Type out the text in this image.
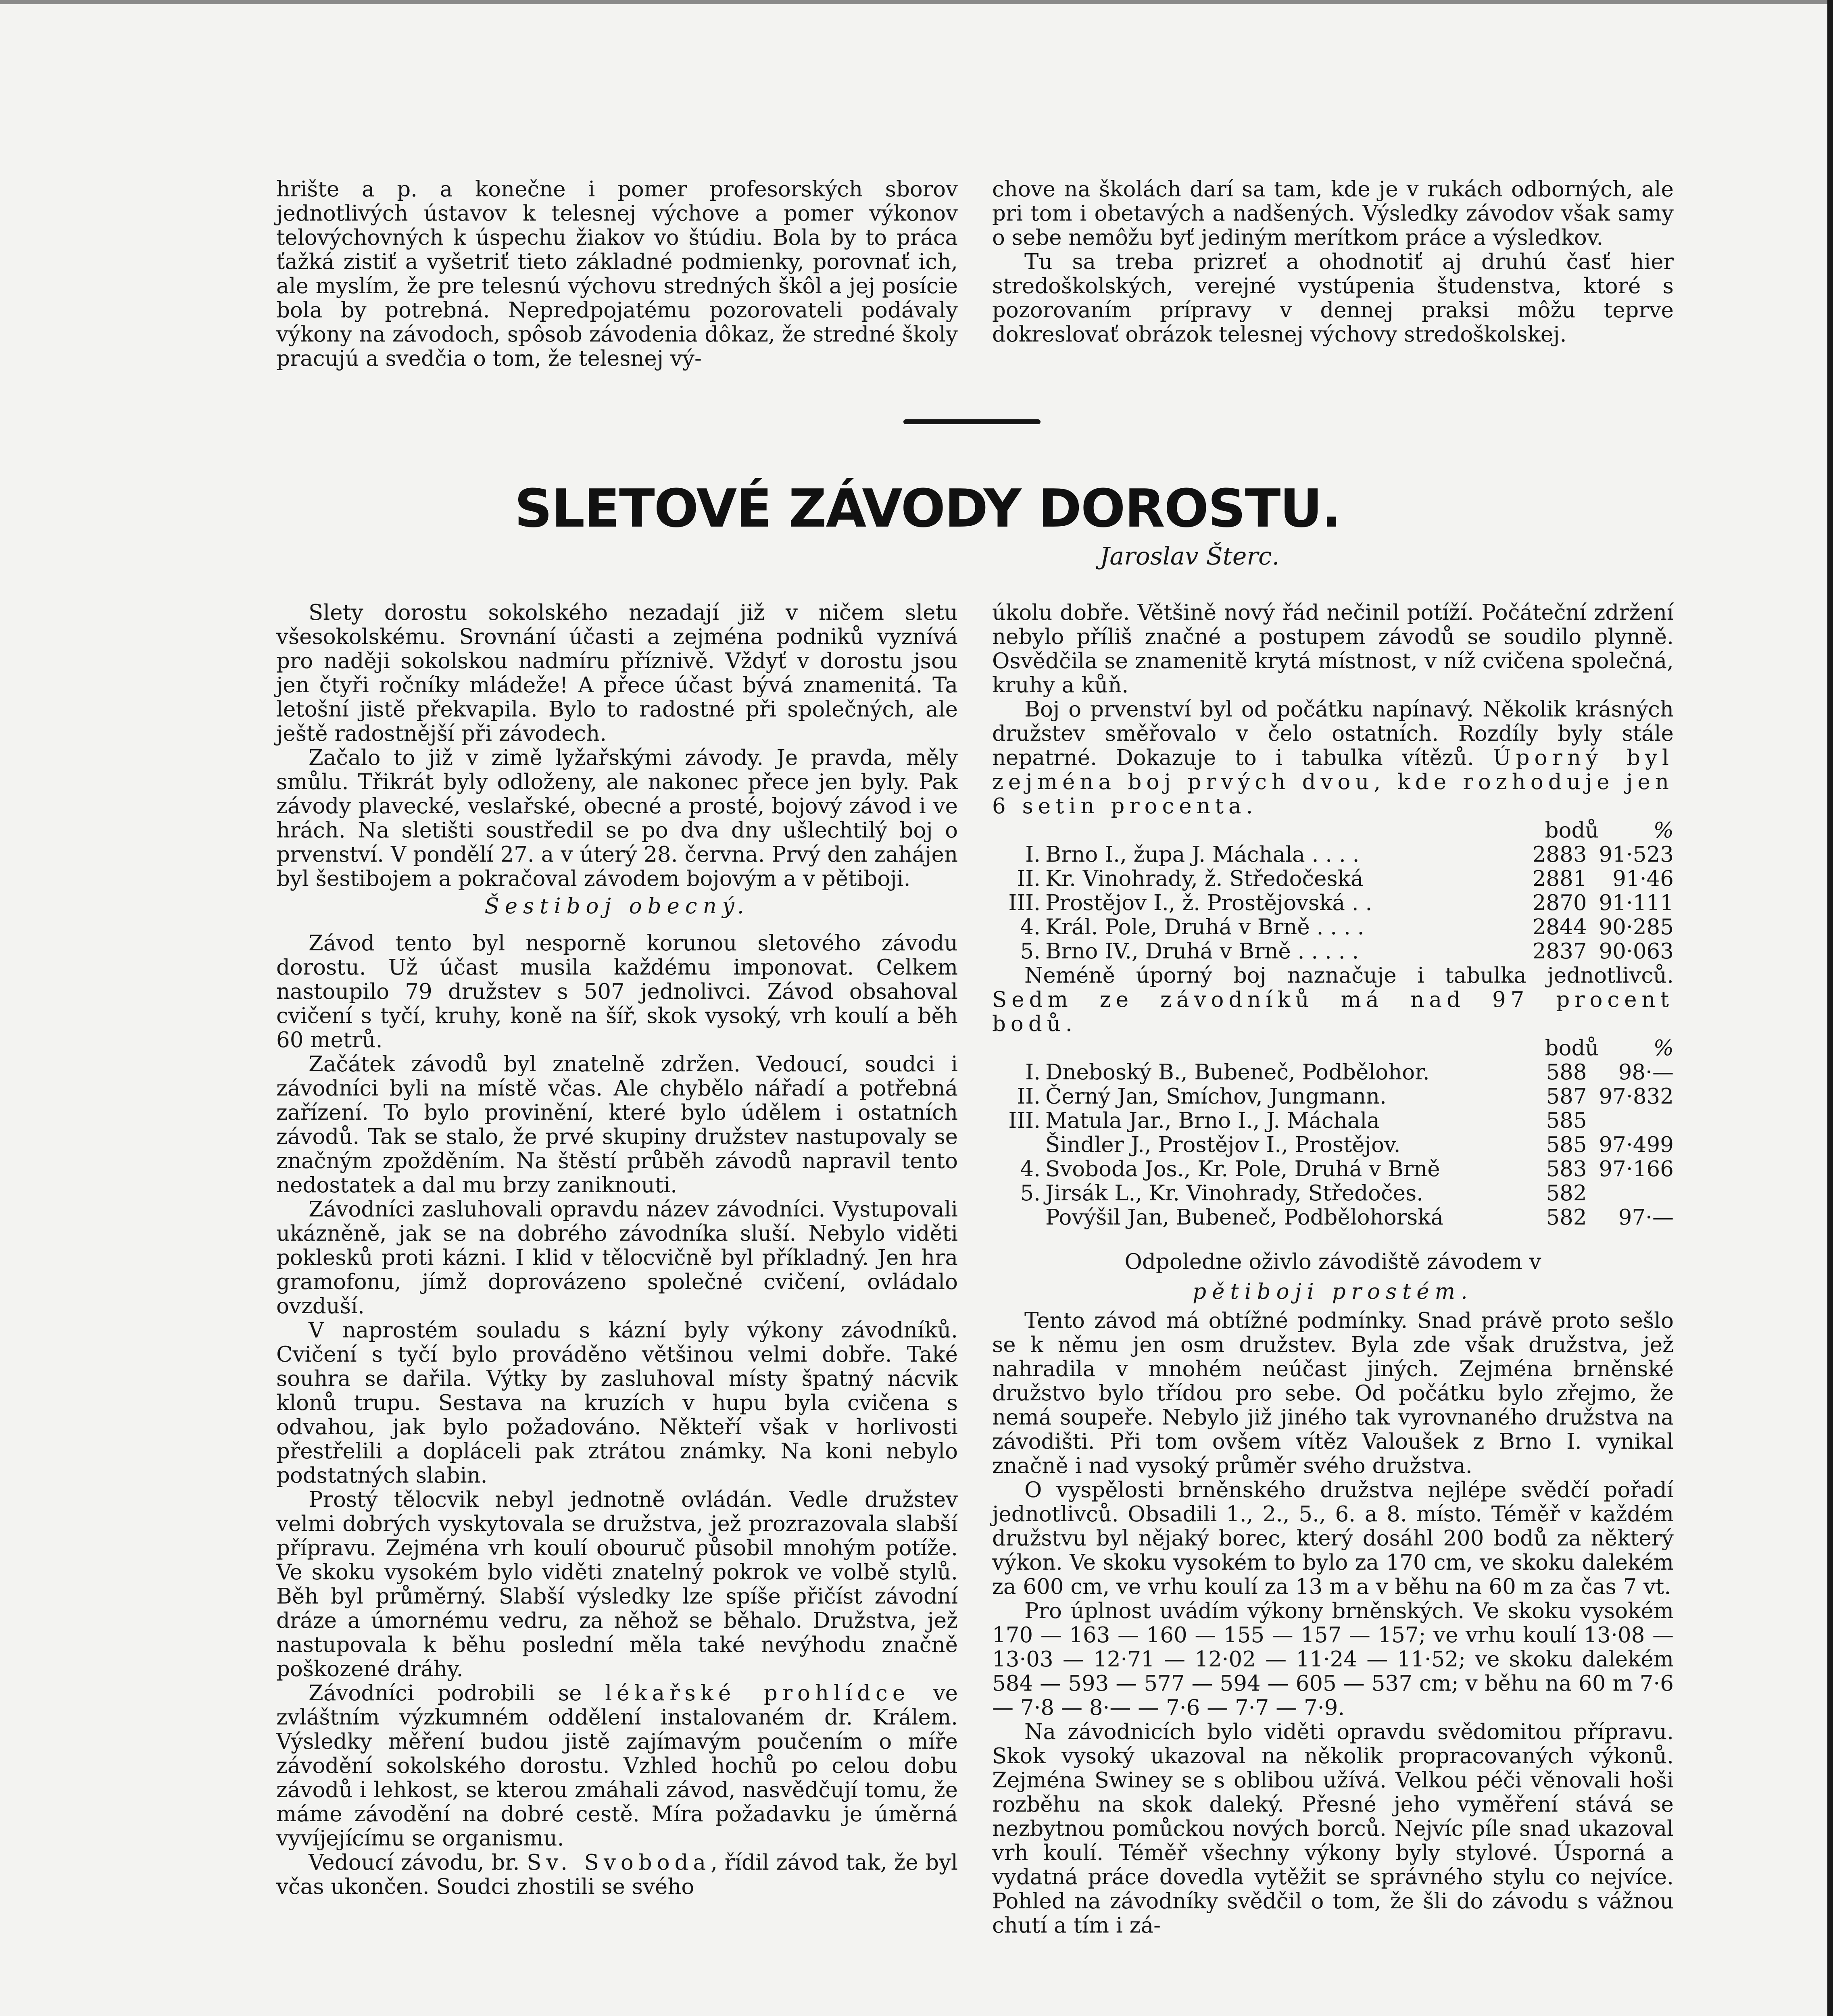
hrište a p. a konečne i pomer profesorských sborov jednotlivých ústavov k telesnej výchove a pomer výkonov telovýchovných k úspechu žiakov vo štúdiu. Bola by to práca ťažká zistiť a vyšetriť tieto základné podmienky, porovnať ich, ale myslím, že pre telesnú výchovu stredných škôl a jej posície bola by potrebná. Nepredpojatému pozorovateli podávaly výkony na závodoch, spôsob závodenia dôkaz, že stredné školy pracujú a svedčia o tom, že telesnej vý-

chove na školách darí sa tam, kde je v rukách odborných, ale pri tom i obetavých a nadšených. Výsledky závodov však samy o sebe nemôžu byť jediným merítkom práce a výsledkov.

Tu sa treba prizreť a ohodnotiť aj druhú časť hier stredoškolských, verejné vystúpenia študenstva, ktoré s pozorovaním prípravy v dennej praksi môžu teprve dokreslovať obrázok telesnej výchovy stredoškolskej.

SLETOVÉ ZÁVODY DOROSTU.
Jaroslav Šterc.

Slety dorostu sokolského nezadají již v ničem sletu všesokolskému. Srovnání účasti a zejména podniků vyznívá pro naději sokolskou nadmíru příznivě. Vždyť v dorostu jsou jen čtyři ročníky mládeže! A přece účast bývá znamenitá. Ta letošní jistě překvapila. Bylo to radostné při společných, ale ještě radostnější při závodech.

Začalo to již v zimě lyžařskými závody. Je pravda, měly smůlu. Třikrát byly odloženy, ale nakonec přece jen byly. Pak závody plavecké, veslařské, obecné a prosté, bojový závod i ve hrách. Na sletišti soustředil se po dva dny ušlechtilý boj o prvenství. V pondělí 27. a v úterý 28. června. Prvý den zahájen byl šestibojem a pokračoval závodem bojovým a v pětiboji.

Šestiboj obecný.

Závod tento byl nesporně korunou sletového závodu dorostu. Už účast musila každému imponovat. Celkem nastoupilo 79 družstev s 507 jednolivci. Závod obsahoval cvičení s tyčí, kruhy, koně na šíř, skok vysoký, vrh koulí a běh 60 metrů.

Začátek závodů byl znatelně zdržen. Vedoucí, soudci i závodníci byli na místě včas. Ale chybělo nářadí a potřebná zařízení. To bylo provinění, které bylo údělem i ostatních závodů. Tak se stalo, že prvé skupiny družstev nastupovaly se značným zpožděním. Na štěstí průběh závodů napravil tento nedostatek a dal mu brzy zaniknouti.

Závodníci zasluhovali opravdu název závodníci. Vystupovali ukázněně, jak se na dobrého závodníka sluší. Nebylo viděti poklesků proti kázni. I klid v tělocvičně byl příkladný. Jen hra gramofonu, jímž doprovázeno společné cvičení, ovládalo ovzduší.

V naprostém souladu s kázní byly výkony závodníků. Cvičení s tyčí bylo prováděno většinou velmi dobře. Také souhra se dařila. Výtky by zasluhoval místy špatný nácvik klonů trupu. Sestava na kruzích v hupu byla cvičena s odvahou, jak bylo požadováno. Někteří však v horlivosti přestřelili a dopláceli pak ztrátou známky. Na koni nebylo podstatných slabin.

Prostý tělocvik nebyl jednotně ovládán. Vedle družstev velmi dobrých vyskytovala se družstva, jež prozrazovala slabší přípravu. Zejména vrh koulí obouruč působil mnohým potíže. Ve skoku vysokém bylo viděti znatelný pokrok ve volbě stylů. Běh byl průměrný. Slabší výsledky lze spíše přičíst závodní dráze a úmornému vedru, za něhož se běhalo. Družstva, jež nastupovala k běhu poslední měla také nevýhodu značně poškozené dráhy.

Závodníci podrobili se lékařské prohlídce ve zvláštním výzkumném oddělení instalovaném dr. Králem. Výsledky měření budou jistě zajímavým poučením o míře závodění sokolského dorostu. Vzhled hochů po celou dobu závodů i lehkost, se kterou zmáhali závod, nasvědčují tomu, že máme závodění na dobré cestě. Míra požadavku je úměrná vyvíjejícímu se organismu.

Vedoucí závodu, br. Sv. Svoboda, řídil závod tak, že byl včas ukončen. Soudci zhostili se svého

úkolu dobře. Většině nový řád nečinil potíží. Počáteční zdržení nebylo příliš značné a postupem závodů se soudilo plynně. Osvědčila se znamenitě krytá místnost, v níž cvičena společná, kruhy a kůň.

Boj o prvenství byl od počátku napínavý. Několik krásných družstev směřovalo v čelo ostatních. Rozdíly byly stále nepatrné. Dokazuje to i tabulka vítězů. Úporný byl zejména boj prvých dvou, kde rozhoduje jen 6 setin procenta.

		bodů	%
I.	Brno I., župa J. Máchala . . . .	2883	91·523
II.	Kr. Vinohrady, ž. Středočeská	2881	91·46
III.	Prostějov I., ž. Prostějovská . .	2870	91·111
4.	Král. Pole, Druhá v Brně . . . .	2844	90·285
5.	Brno IV., Druhá v Brně . . . . .	2837	90·063

Neméně úporný boj naznačuje i tabulka jednotlivců. Sedm ze závodníků má nad 97 procent bodů.

		bodů	%
I.	Dneboský B., Bubeneč, Podbělohor.	588	98·—
II.	Černý Jan, Smíchov, Jungmann.	587	97·832
III.	Matula Jar., Brno I., J. Máchala	585	
	Šindler J., Prostějov I., Prostějov.	585	97·499
4.	Svoboda Jos., Kr. Pole, Druhá v Brně	583	97·166
5.	Jirsák L., Kr. Vinohrady, Středočes.	582	
	Povýšil Jan, Bubeneč, Podbělohorská	582	97·—

Odpoledne oživlo závodiště závodem v

pětiboji prostém.

Tento závod má obtížné podmínky. Snad právě proto sešlo se k němu jen osm družstev. Byla zde však družstva, jež nahradila v mnohém neúčast jiných. Zejména brněnské družstvo bylo třídou pro sebe. Od počátku bylo zřejmo, že nemá soupeře. Nebylo již jiného tak vyrovnaného družstva na závodišti. Při tom ovšem vítěz Valoušek z Brno I. vynikal značně i nad vysoký průměr svého družstva.

O vyspělosti brněnského družstva nejlépe svědčí pořadí jednotlivců. Obsadili 1., 2., 5., 6. a 8. místo. Téměř v každém družstvu byl nějaký borec, který dosáhl 200 bodů za některý výkon. Ve skoku vysokém to bylo za 170 cm, ve skoku dalekém za 600 cm, ve vrhu koulí za 13 m a v běhu na 60 m za čas 7 vt.

Pro úplnost uvádím výkony brněnských. Ve skoku vysokém 170 — 163 — 160 — 155 — 157 — 157; ve vrhu koulí 13·08 — 13·03 — 12·71 — 12·02 — 11·24 — 11·52; ve skoku dalekém 584 — 593 — 577 — 594 — 605 — 537 cm; v běhu na 60 m 7·6 — 7·8 — 8·— — 7·6 — 7·7 — 7·9.

Na závodnicích bylo viděti opravdu svědomitou přípravu. Skok vysoký ukazoval na několik propracovaných výkonů. Zejména Swiney se s oblibou užívá. Velkou péči věnovali hoši rozběhu na skok daleký. Přesné jeho vyměření stává se nezbytnou pomůckou nových borců. Nejvíc píle snad ukazoval vrh koulí. Téměř všechny výkony byly stylové. Úsporná a vydatná práce dovedla vytěžit se správného stylu co nejvíce. Pohled na závodníky svědčil o tom, že šli do závodu s vážnou chutí a tím i zá-
